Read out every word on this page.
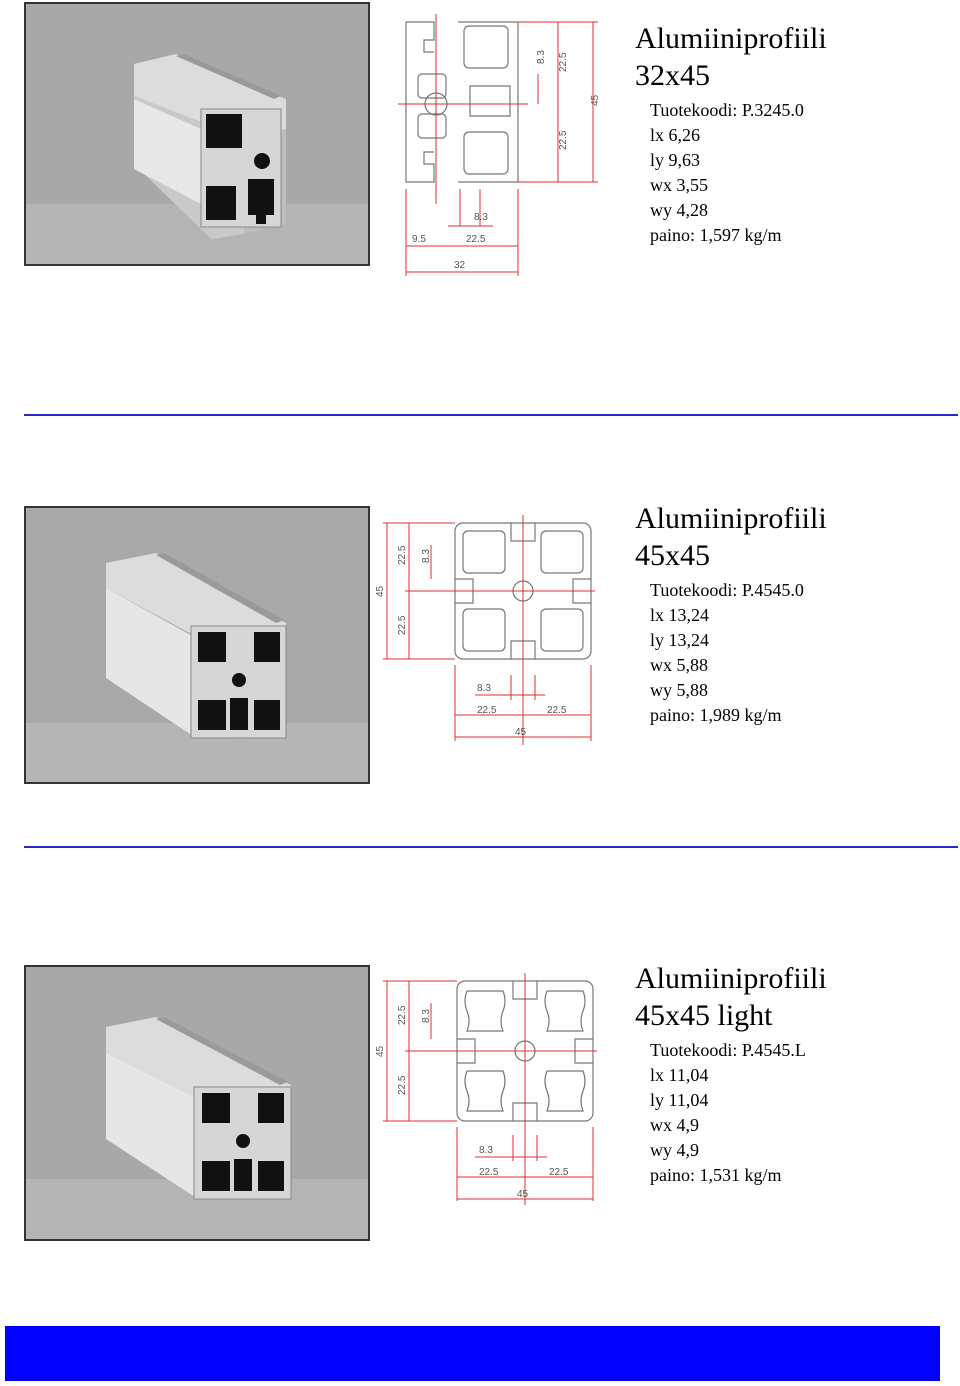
8.3 22.5
22.5
45
8.3
9.5	22.5
32
Alumiiniprofiili
32x45
Tuotekoodi: P.3245.0
lx 6,26
ly 9,63
wx 3,55
wy 4,28
paino: 1,597 kg/m
22.5 8.3
45
22.5
8.3
22.5	22.5
45
Alumiiniprofiili
45x45
Tuotekoodi: P.4545.0
lx 13,24
ly 13,24
wx 5,88
wy 5,88
paino: 1,989 kg/m
22.5 8.3
45
22.5
8.3
22.5	22.5
45
Alumiiniprofiili
45x45 light
Tuotekoodi: P.4545.L
lx 11,04
ly 11,04
wx 4,9
wy 4,9
paino: 1,531 kg/m
